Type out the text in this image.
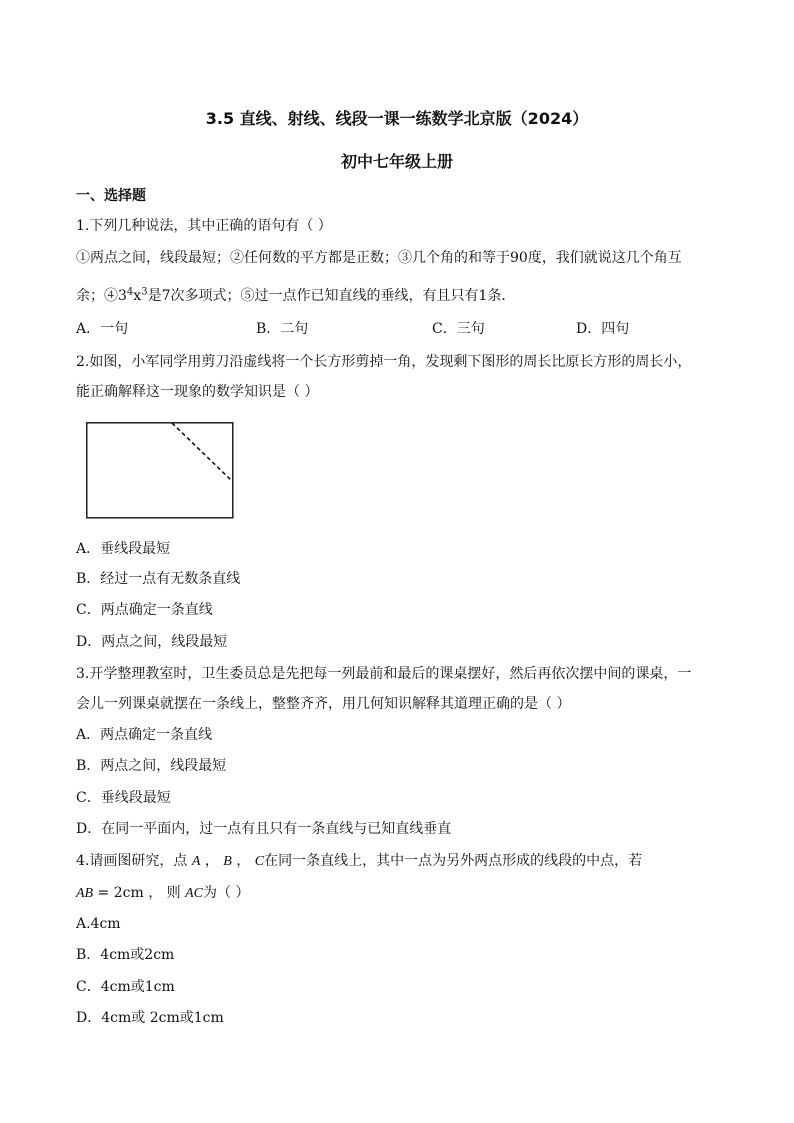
3.5 直线、射线、线段一课一练数学北京版（2024）
初中七年级上册
一、选择题
1.下列几种说法，其中正确的语句有（ ）
①两点之间，线段最短；②任何数的平方都是正数；③几个角的和等于90度，我们就说这几个角互
余；$④3^4x^3$是7次多项式；⑤过一点作已知直线的垂线，有且只有1条．
A．一句	B．二句	C．三句	D．四句
2.如图，小军同学用剪刀沿虚线将一个长方形剪掉一角，发现剩下图形的周长比原长方形的周长小，
能正确解释这一现象的数学知识是（ ）
A．垂线段最短
B．经过一点有无数条直线
C．两点确定一条直线
D．两点之间，线段最短
3.开学整理教室时，卫生委员总是先把每一列最前和最后的课桌摆好，然后再依次摆中间的课桌，一
会儿一列课桌就摆在一条线上，整整齐齐，用几何知识解释其道理正确的是（ ）
A．两点确定一条直线
B．两点之间，线段最短
C．垂线段最短
D．在同一平面内，过一点有且只有一条直线与已知直线垂直
4.请画图研究，点 A ， B ， C在同一条直线上，其中一点为另外两点形成的线段的中点，若
AB = 2cm ， 则 AC为（ ）
A.4cm
B．4cm或2cm
C．4cm或1cm
D．4cm或 2cm或1cm
